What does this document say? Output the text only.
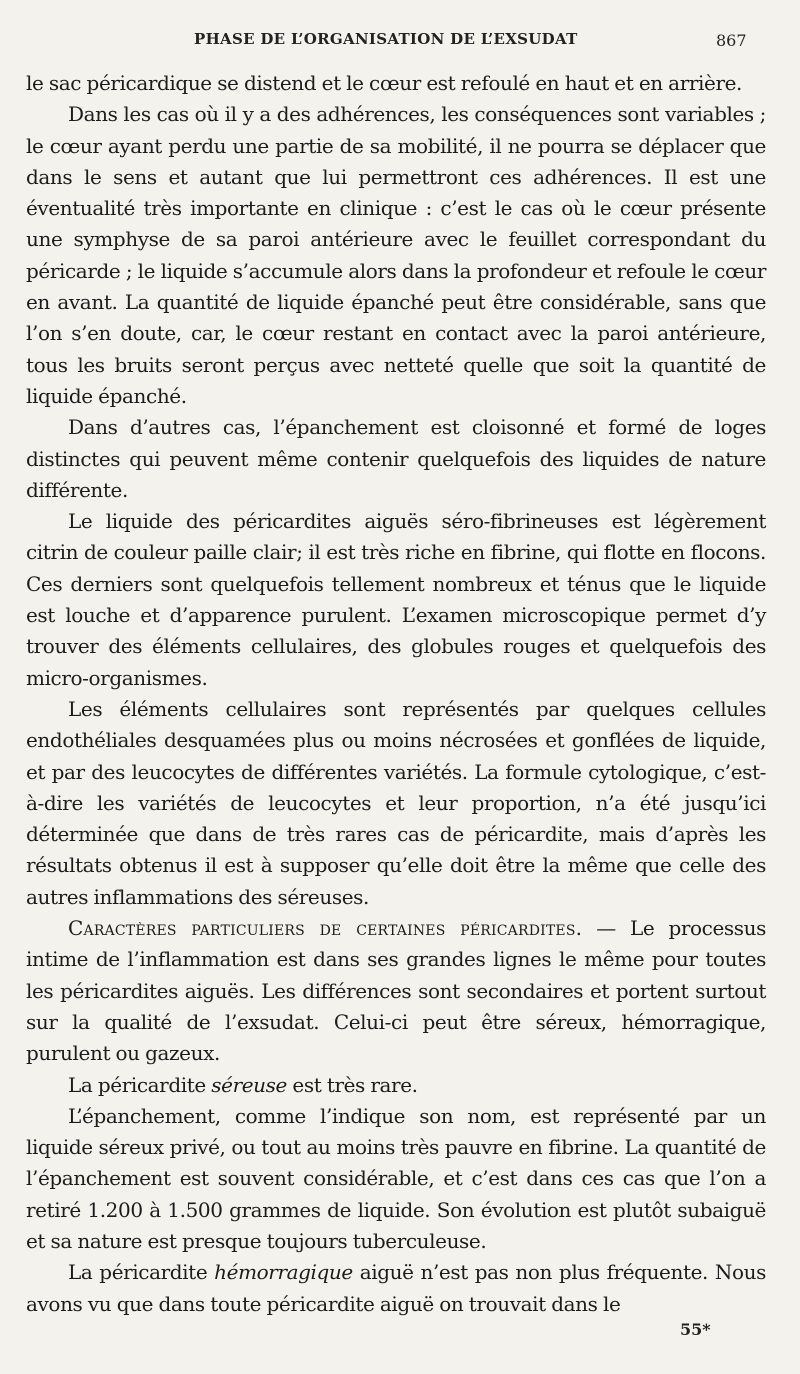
PHASE DE L’ORGANISATION DE L’EXSUDAT	867

le sac péricardique se distend et le cœur est refoulé en haut et en arrière.

Dans les cas où il y a des adhérences, les conséquences sont variables ; le cœur ayant perdu une partie de sa mobilité, il ne pourra se déplacer que dans le sens et autant que lui permettront ces adhérences. Il est une éventualité très importante en clinique : c’est le cas où le cœur présente une symphyse de sa paroi antérieure avec le feuillet correspondant du péricarde ; le liquide s’accumule alors dans la profondeur et refoule le cœur en avant. La quantité de liquide épanché peut être considérable, sans que l’on s’en doute, car, le cœur restant en contact avec la paroi antérieure, tous les bruits seront perçus avec netteté quelle que soit la quantité de liquide épanché.

Dans d’autres cas, l’épanchement est cloisonné et formé de loges distinctes qui peuvent même contenir quelquefois des liquides de nature différente.

Le liquide des péricardites aiguës séro-fibrineuses est légèrement citrin de couleur paille clair; il est très riche en fibrine, qui flotte en flocons. Ces derniers sont quelquefois tellement nombreux et ténus que le liquide est louche et d’apparence purulent. L’examen microscopique permet d’y trouver des éléments cellulaires, des globules rouges et quelquefois des micro-organismes.

Les éléments cellulaires sont représentés par quelques cellules endothéliales desquamées plus ou moins nécrosées et gonflées de liquide, et par des leucocytes de différentes variétés. La formule cytologique, c’est-à-dire les variétés de leucocytes et leur proportion, n’a été jusqu’ici déterminée que dans de très rares cas de péricardite, mais d’après les résultats obtenus il est à supposer qu’elle doit être la même que celle des autres inflammations des séreuses.

Caractères particuliers de certaines péricardites. — Le processus intime de l’inflammation est dans ses grandes lignes le même pour toutes les péricardites aiguës. Les différences sont secondaires et portent surtout sur la qualité de l’exsudat. Celui-ci peut être séreux, hémorragique, purulent ou gazeux.

La péricardite séreuse est très rare.

L’épanchement, comme l’indique son nom, est représenté par un liquide séreux privé, ou tout au moins très pauvre en fibrine. La quantité de l’épanchement est souvent considérable, et c’est dans ces cas que l’on a retiré 1.200 à 1.500 grammes de liquide. Son évolution est plutôt subaiguë et sa nature est presque toujours tuberculeuse.

La péricardite hémorragique aiguë n’est pas non plus fréquente. Nous avons vu que dans toute péricardite aiguë on trouvait dans le

55*
